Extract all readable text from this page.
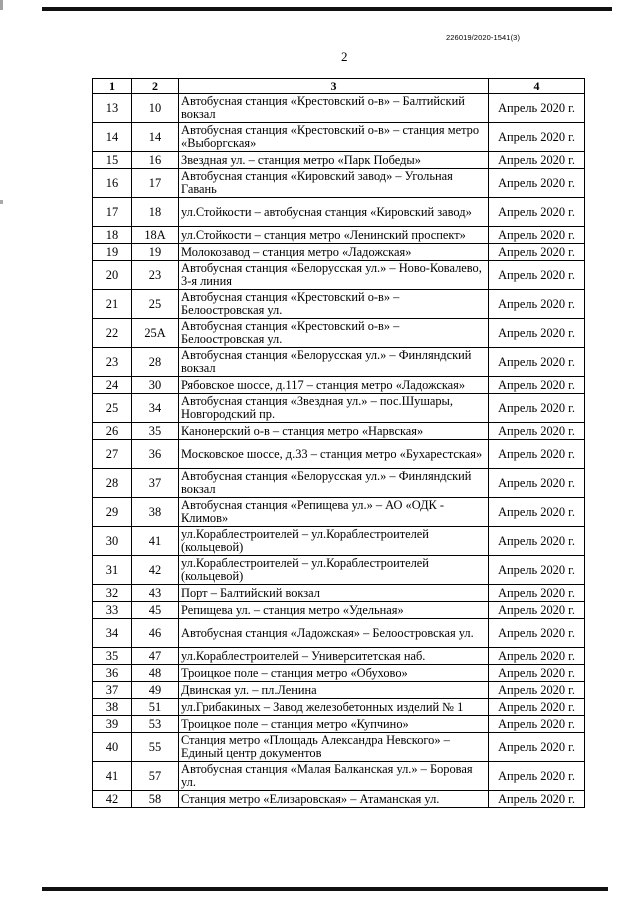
226019/2020-1541(3)
2
1	2	3	4
13	10	Автобусная станция «Крестовский о-в» – Балтийский вокзал	Апрель 2020 г.
14	14	Автобусная станция «Крестовский о-в» – станция метро «Выборгская»	Апрель 2020 г.
15	16	Звездная ул. – станция метро «Парк Победы»	Апрель 2020 г.
16	17	Автобусная станция «Кировский завод» – Угольная Гавань	Апрель 2020 г.
17	18	ул.Стойкости – автобусная станция «Кировский завод»	Апрель 2020 г.
18	18А	ул.Стойкости – станция метро «Ленинский проспект»	Апрель 2020 г.
19	19	Молокозавод – станция метро «Ладожская»	Апрель 2020 г.
20	23	Автобусная станция «Белорусская ул.» – Ново-Ковалево, 3-я линия	Апрель 2020 г.
21	25	Автобусная станция «Крестовский о-в» – Белоостровская ул.	Апрель 2020 г.
22	25А	Автобусная станция «Крестовский о-в» – Белоостровская ул.	Апрель 2020 г.
23	28	Автобусная станция «Белорусская ул.» – Финляндский вокзал	Апрель 2020 г.
24	30	Рябовское шоссе, д.117 – станция метро «Ладожская»	Апрель 2020 г.
25	34	Автобусная станция «Звездная ул.» – пос.Шушары, Новгородский пр.	Апрель 2020 г.
26	35	Канонерский о-в – станция метро «Нарвская»	Апрель 2020 г.
27	36	Московское шоссе, д.33 – станция метро «Бухарестская»	Апрель 2020 г.
28	37	Автобусная станция «Белорусская ул.» – Финляндский вокзал	Апрель 2020 г.
29	38	Автобусная станция «Репищева ул.» – АО «ОДК - Климов»	Апрель 2020 г.
30	41	ул.Кораблестроителей – ул.Кораблестроителей (кольцевой)	Апрель 2020 г.
31	42	ул.Кораблестроителей – ул.Кораблестроителей (кольцевой)	Апрель 2020 г.
32	43	Порт – Балтийский вокзал	Апрель 2020 г.
33	45	Репищева ул. – станция метро «Удельная»	Апрель 2020 г.
34	46	Автобусная станция «Ладожская» – Белоостровская ул.	Апрель 2020 г.
35	47	ул.Кораблестроителей – Университетская наб.	Апрель 2020 г.
36	48	Троицкое поле – станция метро «Обухово»	Апрель 2020 г.
37	49	Двинская ул. – пл.Ленина	Апрель 2020 г.
38	51	ул.Грибакиных – Завод железобетонных изделий № 1	Апрель 2020 г.
39	53	Троицкое поле – станция метро «Купчино»	Апрель 2020 г.
40	55	Станция метро «Площадь Александра Невского» – Единый центр документов	Апрель 2020 г.
41	57	Автобусная станция «Малая Балканская ул.» – Боровая ул.	Апрель 2020 г.
42	58	Станция метро «Елизаровская» – Атаманская ул.	Апрель 2020 г.
